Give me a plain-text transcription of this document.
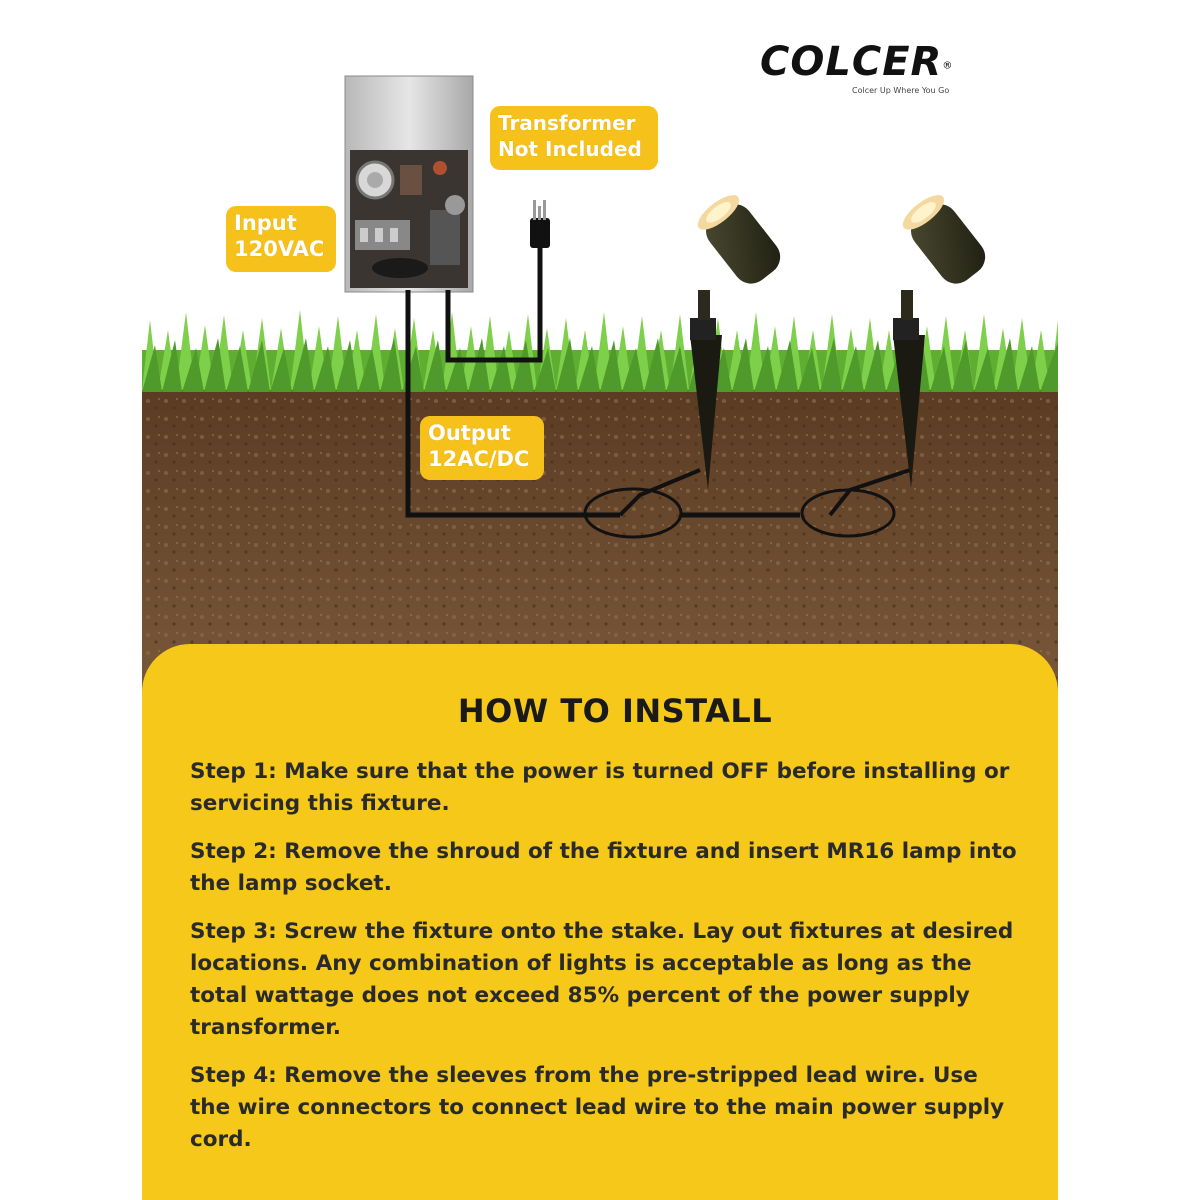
COLCER®
Colcer Up Where You Go
Transformer
Not Included
Input
120VAC
Output
12AC/DC
HOW TO INSTALL
Step 1: Make sure that the power is turned OFF before installing or servicing this fixture.
Step 2: Remove the shroud of the fixture and insert MR16 lamp into the lamp socket.
Step 3: Screw the fixture onto the stake. Lay out fixtures at desired locations. Any combination of lights is acceptable as long as the total wattage does not exceed 85% percent of the power supply transformer.
Step 4: Remove the sleeves from the pre-stripped lead wire. Use the wire connectors to connect lead wire to the main power supply cord.
